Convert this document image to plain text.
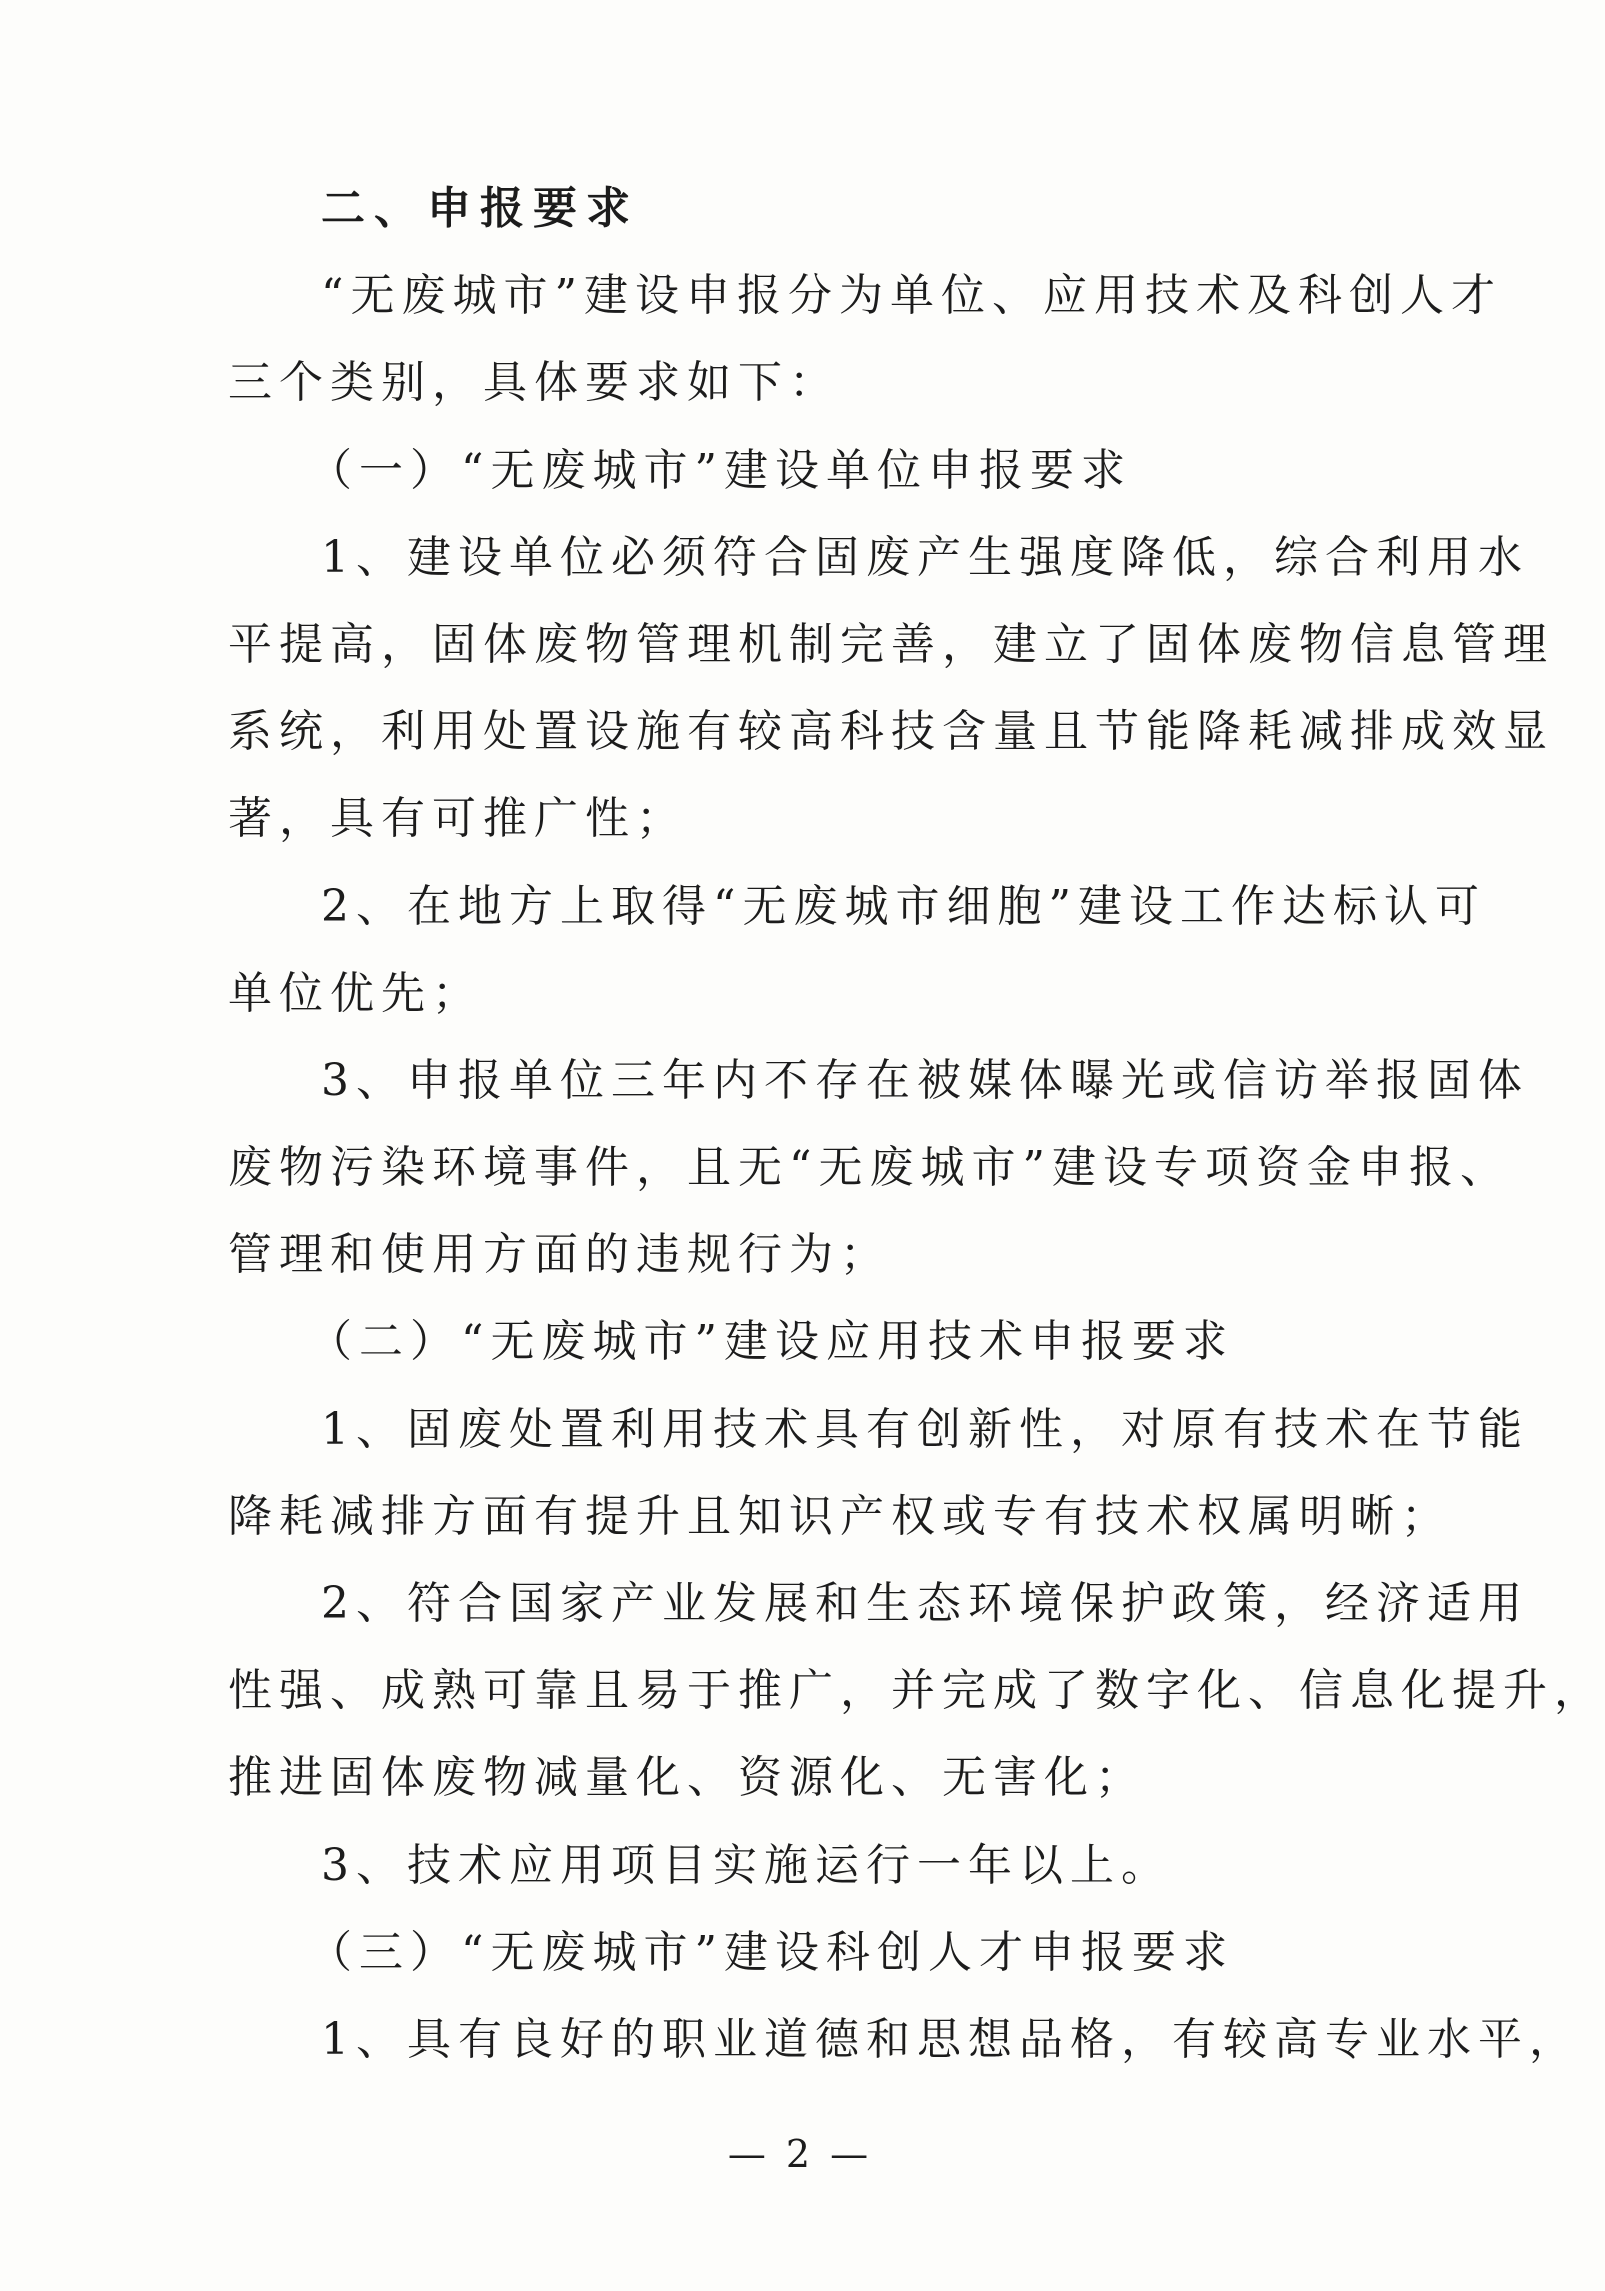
二、申报要求
“无废城市”建设申报分为单位、应用技术及科创人才
三个类别，具体要求如下：
（一）“无废城市”建设单位申报要求
1、建设单位必须符合固废产生强度降低，综合利用水
平提高，固体废物管理机制完善，建立了固体废物信息管理
系统，利用处置设施有较高科技含量且节能降耗减排成效显
著，具有可推广性；
2、在地方上取得“无废城市细胞”建设工作达标认可
单位优先；
3、申报单位三年内不存在被媒体曝光或信访举报固体
废物污染环境事件，且无“无废城市”建设专项资金申报、
管理和使用方面的违规行为；
（二）“无废城市”建设应用技术申报要求
1、固废处置利用技术具有创新性，对原有技术在节能
降耗减排方面有提升且知识产权或专有技术权属明晰；
2、符合国家产业发展和生态环境保护政策，经济适用
性强、成熟可靠且易于推广，并完成了数字化、信息化提升，
推进固体废物减量化、资源化、无害化；
3、技术应用项目实施运行一年以上。
（三）“无废城市”建设科创人才申报要求
1、具有良好的职业道德和思想品格，有较高专业水平，
— 2 —
